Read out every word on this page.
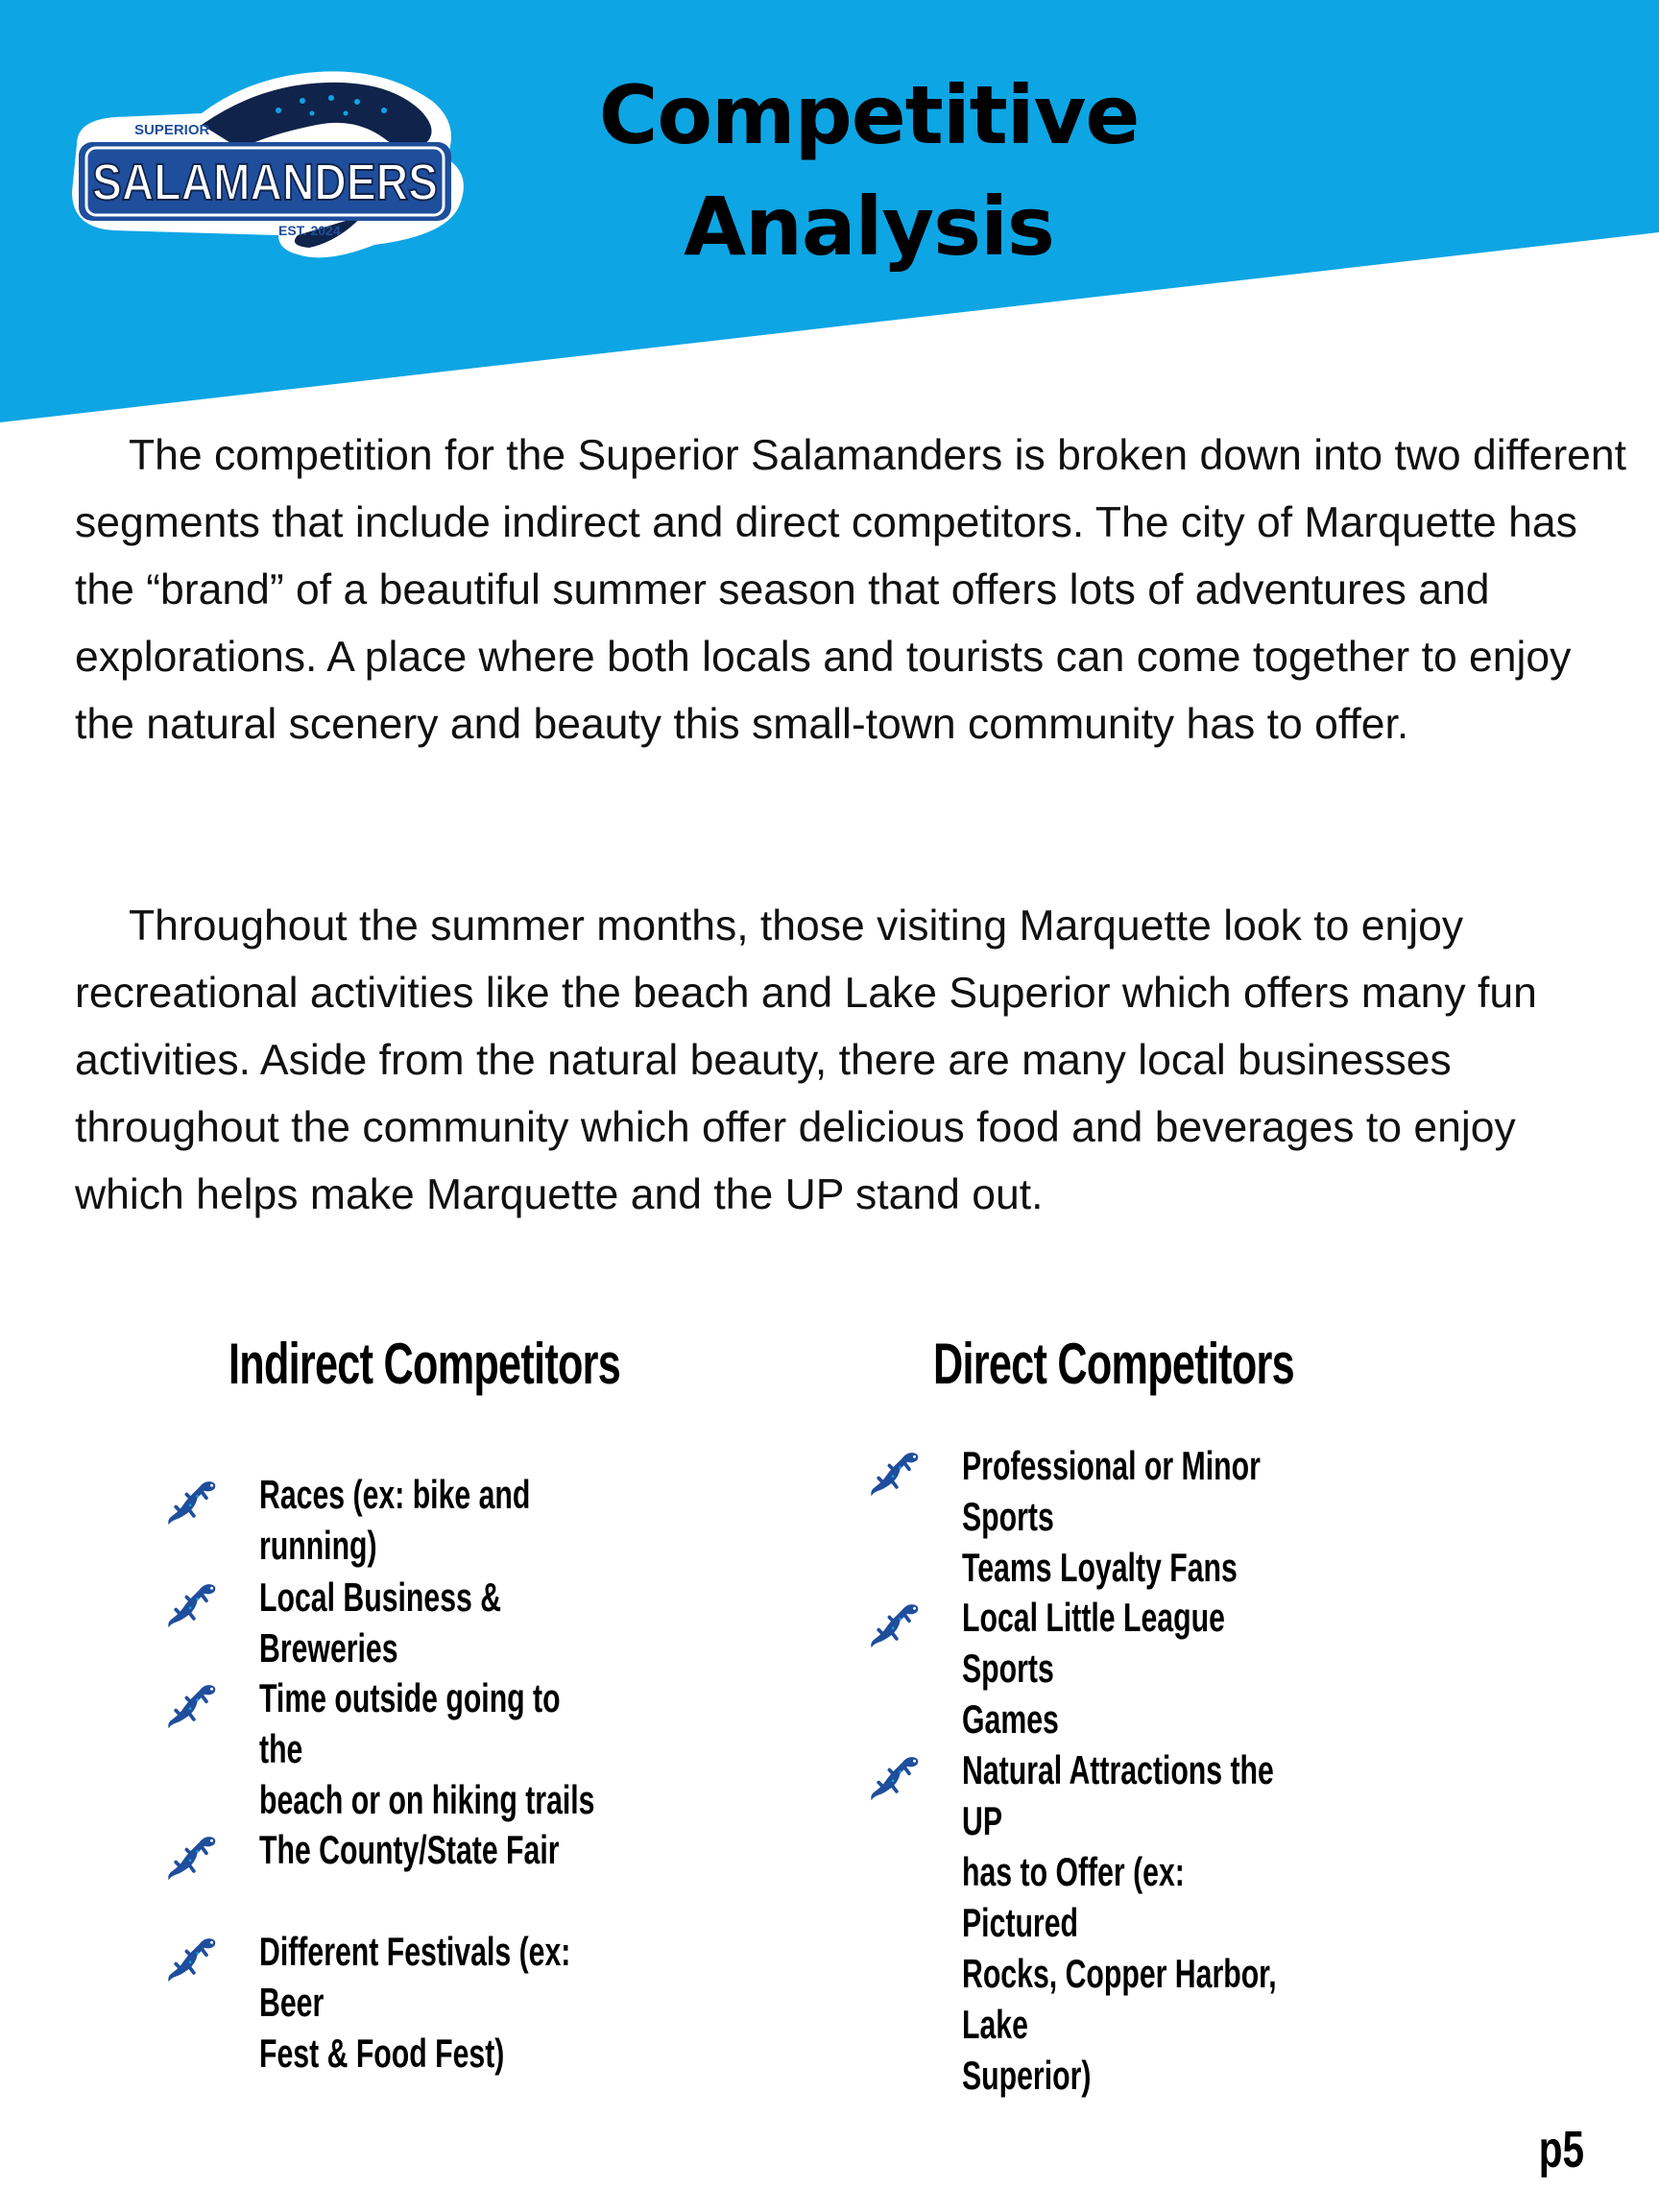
SUPERIOR
SALAMANDERS
EST. 2024
Competitive
Analysis

The competition for the Superior Salamanders is broken down into two different segments that include indirect and direct competitors. The city of Marquette has the “brand” of a beautiful summer season that offers lots of adventures and explorations. A place where both locals and tourists can come together to enjoy the natural scenery and beauty this small-town community has to offer.

Throughout the summer months, those visiting Marquette look to enjoy recreational activities like the beach and Lake Superior which offers many fun activities. Aside from the natural beauty, there are many local businesses throughout the community which offer delicious food and beverages to enjoy which helps make Marquette and the UP stand out.

Indirect Competitors	Direct Competitors
Races (ex: bike and running)
Local Business & Breweries
Time outside going to the
beach or on hiking trails
The County/State Fair
Different Festivals (ex: Beer
Fest & Food Fest)
Professional or Minor Sports
Teams Loyalty Fans
Local Little League Sports
Games
Natural Attractions the UP
has to Offer (ex: Pictured
Rocks, Copper Harbor, Lake
Superior)
p5
